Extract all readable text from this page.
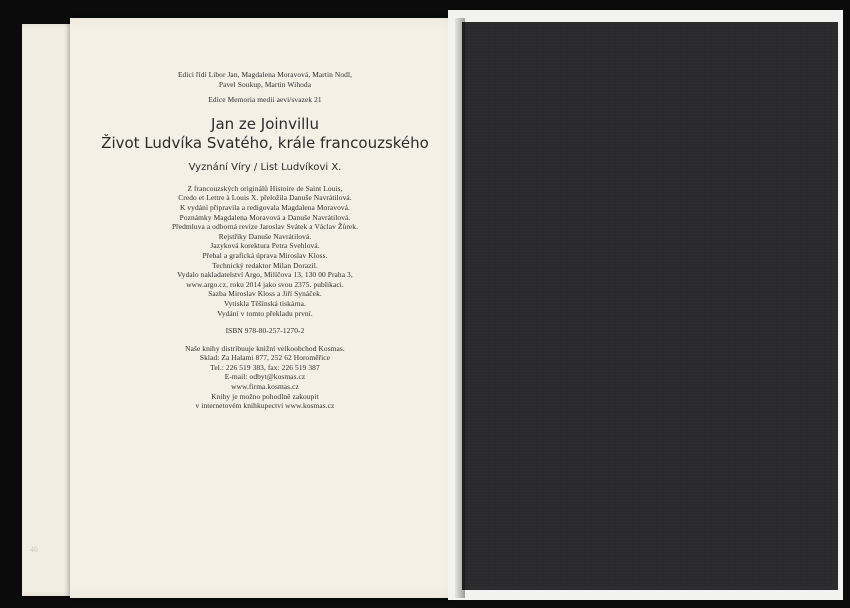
46
Edici řídí Libor Jan, Magdalena Moravová, Martin Nodl,
Pavel Soukup, Martin Wihoda
Edice Memoria medii aevi/svazek 21
Jan ze Joinvillu
Život Ludvíka Svatého, krále francouzského
Vyznání Víry / List Ludvíkovi X.
Z francouzských originálů Histoire de Saint Louis,
Credo et Lettre à Louis X. přeložila Danuše Navrátilová.
K vydání připravila a redigovala Magdalena Moravová.
Poznámky Magdalena Moravová a Danuše Navrátilová.
Předmluva a odborná revize Jaroslav Svátek a Václav Žůrek.
Rejstříky Danuše Navrátilová.
Jazyková korektura Petra Svehlová.
Přebal a grafická úprava Miroslav Kloss.
Technický redaktor Milan Dorazil.
Vydalo nakladatelství Argo, Milíčova 13, 130 00 Praha 3,
www.argo.cz, roku 2014 jako svou 2375. publikaci.
Sazba Miroslav Kloss a Jiří Synáček.
Vytiskla Těšínská tiskárna.
Vydání v tomto překladu první.
ISBN 978-80-257-1270-2
Naše knihy distribuuje knižní velkoobchod Kosmas.
Sklad: Za Halami 877, 252 62 Horoměřice
Tel.: 226 519 383, fax: 226 519 387
E-mail: odbyt@kosmas.cz
www.firma.kosmas.cz
Knihy je možno pohodlně zakoupit
v internetovém knihkupectví www.kosmas.cz
